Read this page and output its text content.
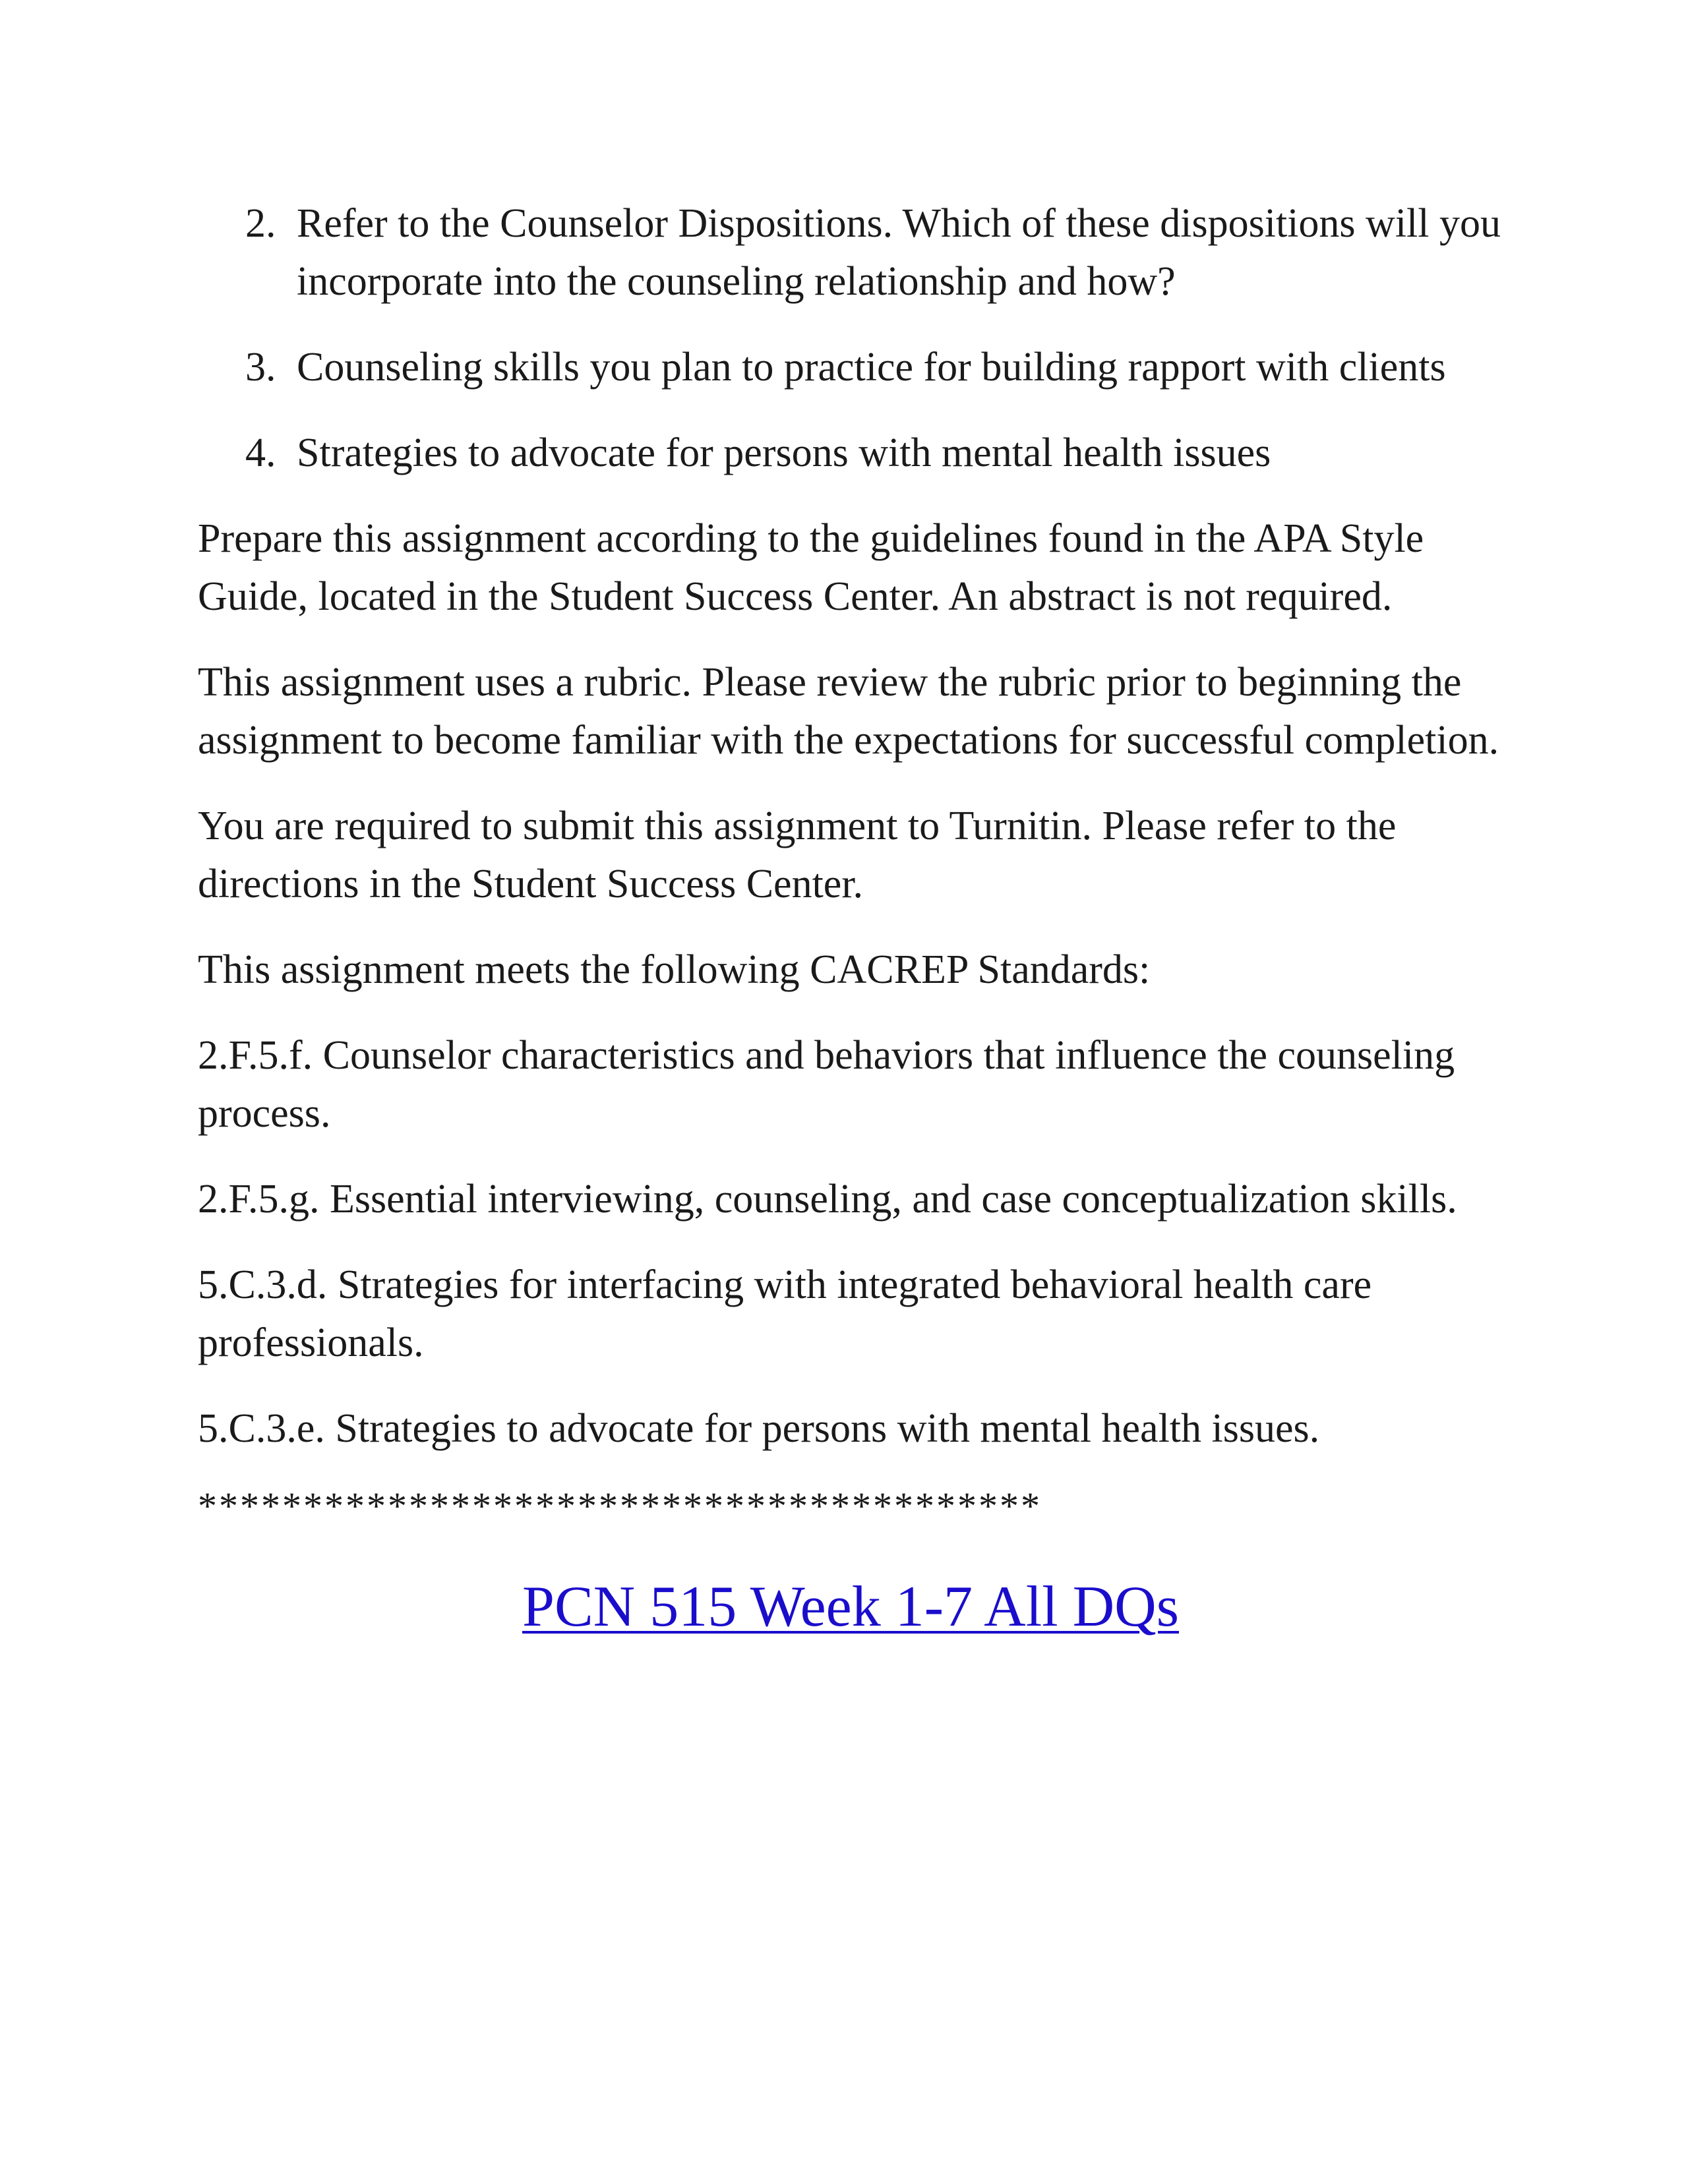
2. Refer to the Counselor Dispositions. Which of these dispositions will you incorporate into the counseling relationship and how?
3. Counseling skills you plan to practice for building rapport with clients
4. Strategies to advocate for persons with mental health issues

Prepare this assignment according to the guidelines found in the APA Style Guide, located in the Student Success Center. An abstract is not required.

This assignment uses a rubric. Please review the rubric prior to beginning the assignment to become familiar with the expectations for successful completion.

You are required to submit this assignment to Turnitin. Please refer to the directions in the Student Success Center.

This assignment meets the following CACREP Standards:

2.F.5.f. Counselor characteristics and behaviors that influence the counseling process.

2.F.5.g. Essential interviewing, counseling, and case conceptualization skills.

5.C.3.d. Strategies for interfacing with integrated behavioral health care professionals.

5.C.3.e. Strategies to advocate for persons with mental health issues.

****************************************

PCN 515 Week 1-7 All DQs
